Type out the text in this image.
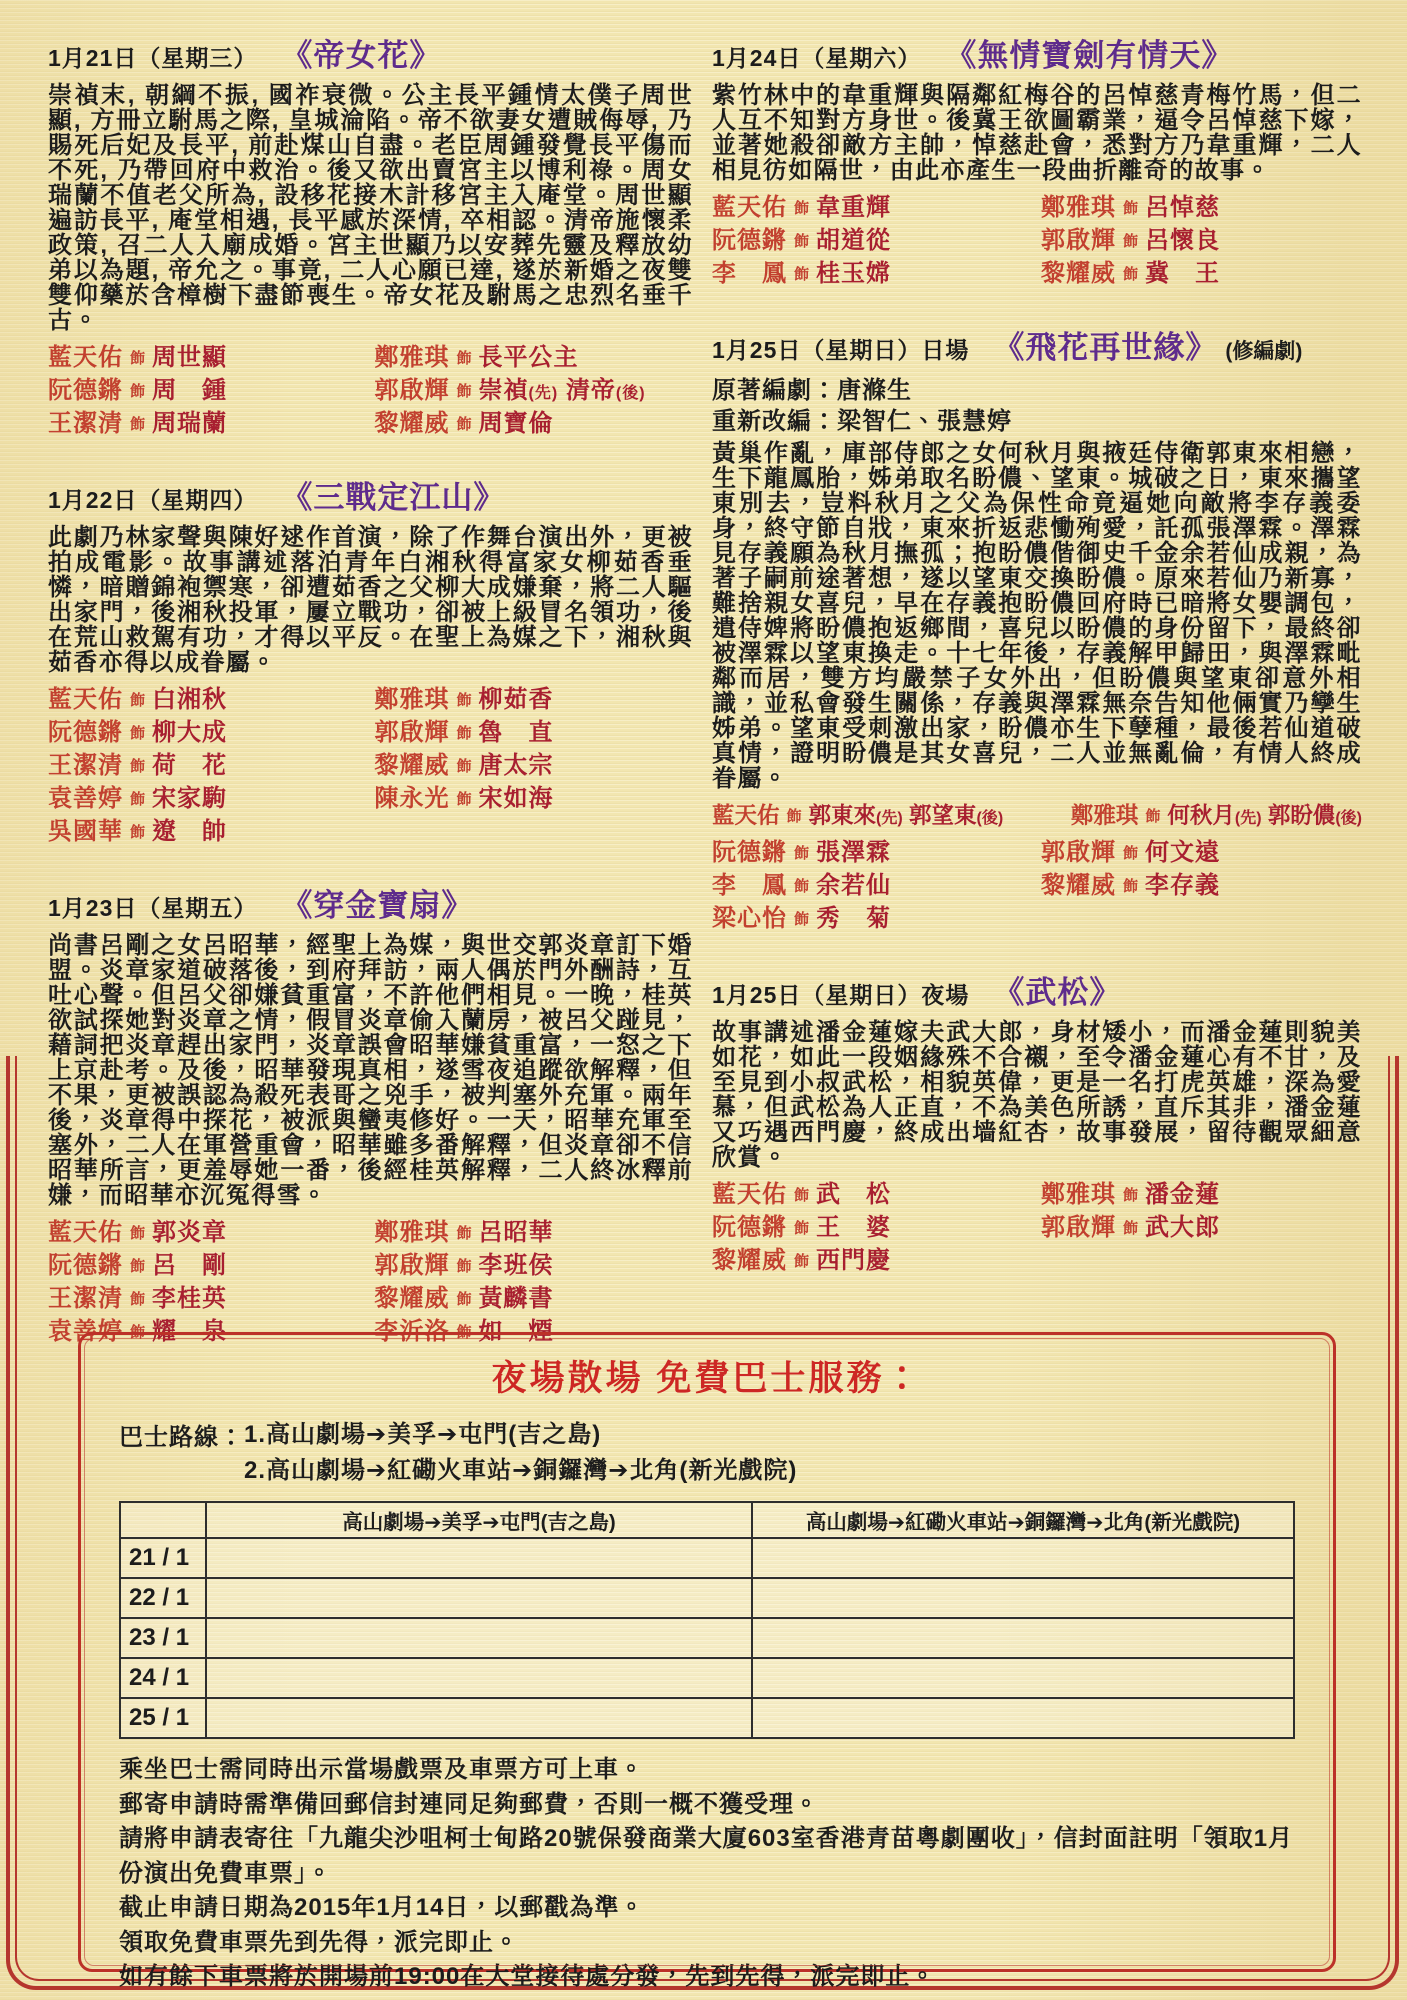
1月21日（星期三） 《帝女花》

崇禎末, 朝綱不振, 國祚衰微。公主長平鍾情太僕子周世顯, 方冊立駙馬之際, 皇城淪陷。帝不欲妻女遭賊侮辱, 乃賜死后妃及長平, 前赴煤山自盡。老臣周鍾發覺長平傷而不死, 乃帶回府中救治。後又欲出賣宮主以博利祿。周女瑞蘭不值老父所為, 設移花接木計移宮主入庵堂。周世顯遍訪長平, 庵堂相遇, 長平感於深情, 卒相認。清帝施懷柔政策, 召二人入廟成婚。宮主世顯乃以安葬先靈及釋放幼弟以為題, 帝允之。事竟, 二人心願已達, 遂於新婚之夜雙雙仰藥於含樟樹下盡節喪生。帝女花及駙馬之忠烈名垂千古。

藍天佑 飾 周世顯	鄭雅琪 飾 長平公主
阮德鏘 飾 周　鍾	郭啟輝 飾 崇禎(先) 清帝(後)
王潔清 飾 周瑞蘭	黎耀威 飾 周寶倫
1月22日（星期四） 《三戰定江山》

此劇乃林家聲與陳好逑作首演，除了作舞台演出外，更被拍成電影。故事講述落泊青年白湘秋得富家女柳茹香垂憐，暗贈錦袍禦寒，卻遭茹香之父柳大成嫌棄，將二人驅出家門，後湘秋投軍，屢立戰功，卻被上級冒名領功，後在荒山救駕有功，才得以平反。在聖上為媒之下，湘秋與茹香亦得以成眷屬。

藍天佑 飾 白湘秋	鄭雅琪 飾 柳茹香
阮德鏘 飾 柳大成	郭啟輝 飾 魯　直
王潔清 飾 荷　花	黎耀威 飾 唐太宗
袁善婷 飾 宋家駒	陳永光 飾 宋如海
吳國華 飾 遼　帥
1月23日（星期五） 《穿金寶扇》

尚書呂剛之女呂昭華，經聖上為媒，與世交郭炎章訂下婚盟。炎章家道破落後，到府拜訪，兩人偶於門外酬詩，互吐心聲。但呂父卻嫌貧重富，不許他們相見。一晚，桂英欲試探她對炎章之情，假冒炎章偷入蘭房，被呂父踫見，藉詞把炎章趕出家門，炎章誤會昭華嫌貧重富，一怒之下上京赴考。及後，昭華發現真相，遂雪夜追蹤欲解釋，但不果，更被誤認為殺死表哥之兇手，被判塞外充軍。兩年後，炎章得中探花，被派與蠻夷修好。一天，昭華充軍至塞外，二人在軍營重會，昭華雖多番解釋，但炎章卻不信昭華所言，更羞辱她一番，後經桂英解釋，二人終冰釋前嫌，而昭華亦沉冤得雪。

藍天佑 飾 郭炎章	鄭雅琪 飾 呂昭華
阮德鏘 飾 呂　剛	郭啟輝 飾 李班侯
王潔清 飾 李桂英	黎耀威 飾 黃麟書
袁善婷 飾 耀　泉	李沂洛 飾 如　煙
1月24日（星期六） 《無情寶劍有情天》

紫竹林中的韋重輝與隔鄰紅梅谷的呂悼慈青梅竹馬，但二人互不知對方身世。後冀王欲圖霸業，逼令呂悼慈下嫁，並著她殺卻敵方主帥，悼慈赴會，悉對方乃韋重輝，二人相見彷如隔世，由此亦產生一段曲折離奇的故事。

藍天佑 飾 韋重輝	鄭雅琪 飾 呂悼慈
阮德鏘 飾 胡道從	郭啟輝 飾 呂懷良
李　鳳 飾 桂玉嫦	黎耀威 飾 冀　王
1月25日（星期日）日場 《飛花再世緣》 (修編劇)
原著編劇：唐滌生
重新改編：梁智仁、張慧婷

黃巢作亂，庫部侍郎之女何秋月與掖廷侍衛郭東來相戀，生下龍鳳胎，姊弟取名盼儂、望東。城破之日，東來攜望東別去，豈料秋月之父為保性命竟逼她向敵將李存義委身，終守節自戕，東來折返悲慟殉愛，託孤張澤霖。澤霖見存義願為秋月撫孤；抱盼儂偕御史千金余若仙成親，為著子嗣前途著想，遂以望東交換盼儂。原來若仙乃新寡，難捨親女喜兒，早在存義抱盼儂回府時已暗將女嬰調包，遣侍婢將盼儂抱返鄉間，喜兒以盼儂的身份留下，最終卻被澤霖以望東換走。十七年後，存義解甲歸田，與澤霖毗鄰而居，雙方均嚴禁子女外出，但盼儂與望東卻意外相識，並私會發生關係，存義與澤霖無奈告知他倆實乃孿生姊弟。望東受刺激出家，盼儂亦生下孽種，最後若仙道破真情，證明盼儂是其女喜兒，二人並無亂倫，有情人終成眷屬。

藍天佑 飾 郭東來(先) 郭望東(後)	鄭雅琪 飾 何秋月(先) 郭盼儂(後)
阮德鏘 飾 張澤霖	郭啟輝 飾 何文遠
李　鳳 飾 余若仙	黎耀威 飾 李存義
梁心怡 飾 秀　菊
1月25日（星期日）夜場 《武松》

故事講述潘金蓮嫁夫武大郎，身材矮小，而潘金蓮則貌美如花，如此一段姻緣殊不合襯，至令潘金蓮心有不甘，及至見到小叔武松，相貌英偉，更是一名打虎英雄，深為愛慕，但武松為人正直，不為美色所誘，直斥其非，潘金蓮又巧遇西門慶，終成出墙紅杏，故事發展，留待觀眾細意欣賞。

藍天佑 飾 武　松	鄭雅琪 飾 潘金蓮
阮德鏘 飾 王　婆	郭啟輝 飾 武大郎
黎耀威 飾 西門慶
夜場散場 免費巴士服務：
巴士路線： 1.高山劇場➔美孚➔屯門(吉之島)
2.高山劇場➔紅磡火車站➔銅鑼灣➔北角(新光戲院)
	高山劇場➔美孚➔屯門(吉之島)	高山劇場➔紅磡火車站➔銅鑼灣➔北角(新光戲院)
21 / 1		
22 / 1		
23 / 1		
24 / 1		
25 / 1		
乘坐巴士需同時出示當場戲票及車票方可上車。
郵寄申請時需準備回郵信封連同足夠郵費，否則一概不獲受理。
請將申請表寄往「九龍尖沙咀柯士甸路20號保發商業大廈603室香港青苗粵劇團收」，信封面註明「領取1月份演出免費車票」。
截止申請日期為2015年1月14日，以郵戳為準。
領取免費車票先到先得，派完即止。
如有餘下車票將於開場前19:00在大堂接待處分發，先到先得，派完即止。
